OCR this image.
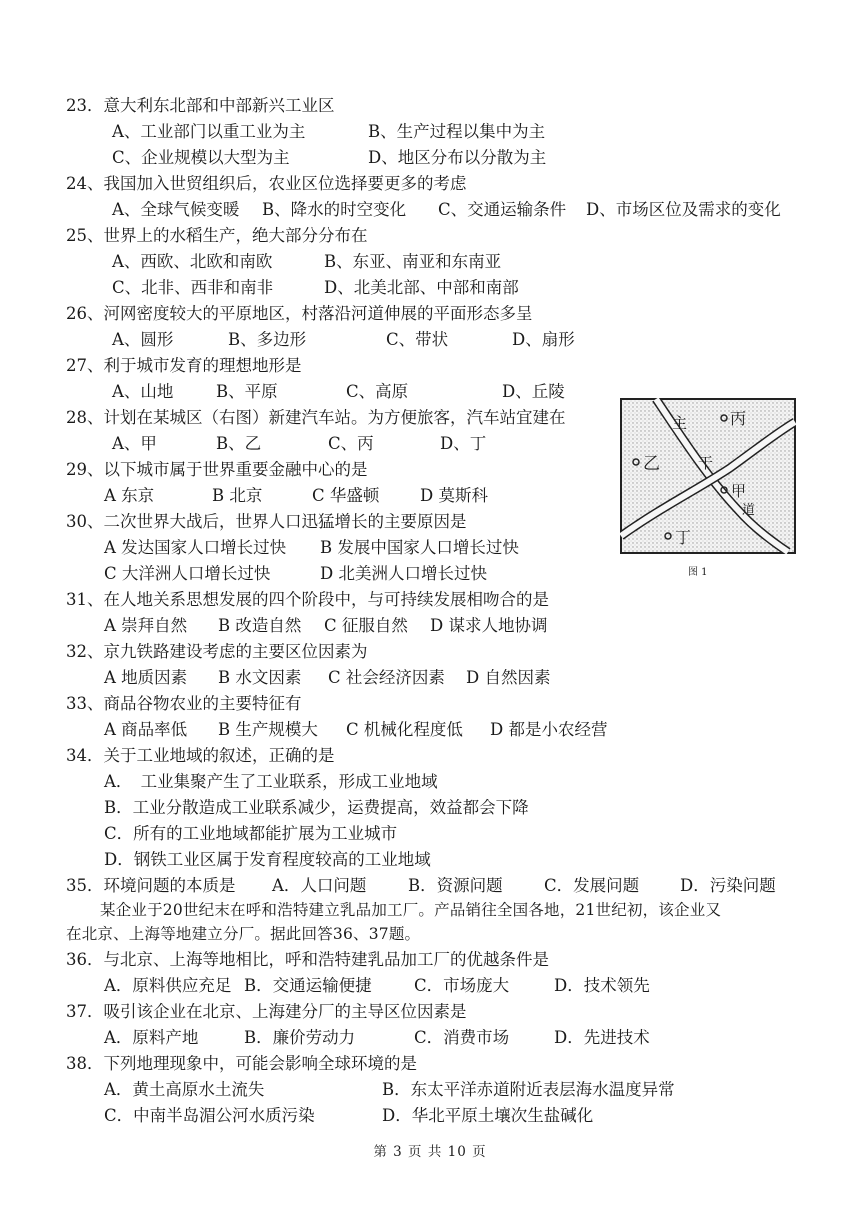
23．意大利东北部和中部新兴工业区
A、工业部门以重工业为主	B、生产过程以集中为主
C、企业规模以大型为主	D、地区分布以分散为主
24、我国加入世贸组织后，农业区位选择要更多的考虑
A、全球气候变暖 B、降水的时空变化 C、交通运输条件 D、市场区位及需求的变化
25、世界上的水稻生产，绝大部分分布在
A、西欧、北欧和南欧	B、东亚、南亚和东南亚
C、北非、西非和南非	D、北美北部、中部和南部
26、河网密度较大的平原地区，村落沿河道伸展的平面形态多呈
A、圆形	B、多边形	C、带状	D、扇形
27、利于城市发育的理想地形是
A、山地	B、平原	C、高原	D、丘陵
28、计划在某城区（右图）新建汽车站。为方便旅客，汽车站宜建在
A、甲	B、乙	C、丙	D、丁
29、以下城市属于世界重要金融中心的是
A 东京	B 北京	C 华盛顿 D 莫斯科
30、二次世界大战后，世界人口迅猛增长的主要原因是
A 发达国家人口增长过快 B 发展中国家人口增长过快
C 大洋洲人口增长过快	D 北美洲人口增长过快
31、在人地关系思想发展的四个阶段中，与可持续发展相吻合的是
A 崇拜自然 B 改造自然 C 征服自然 D 谋求人地协调
32、京九铁路建设考虑的主要区位因素为
A 地质因素 B 水文因素 C 社会经济因素 D 自然因素
33、商品谷物农业的主要特征有
A 商品率低 B 生产规模大 C 机械化程度低 D 都是小农经营
34．关于工业地域的叙述，正确的是
A．　工业集聚产生了工业联系，形成工业地域
B．工业分散造成工业联系减少，运费提高，效益都会下降
C．所有的工业地域都能扩展为工业城市
D．钢铁工业区属于发育程度较高的工业地域
35．环境问题的本质是 A．人口问题	B．资源问题	C．发展问题 D．污染问题
某企业于20世纪末在呼和浩特建立乳品加工厂。产品销往全国各地，21世纪初，该企业又
在北京、上海等地建立分厂。据此回答36、37题。
36．与北京、上海等地相比，呼和浩特建乳品加工厂的优越条件是
A．原料供应充足 B．交通运输便捷	C．市场庞大	D．技术领先
37．吸引该企业在北京、上海建分厂的主导区位因素是
A．原料产地	B．廉价劳动力	C．消费市场	D．先进技术
38．下列地理现象中，可能会影响全球环境的是
A．黄土高原水土流失	B．东太平洋赤道附近表层海水温度异常
C．中南半岛湄公河水质污染	D．华北平原土壤次生盐碱化
主
干
道
丙
乙
甲
丁
图 1
第 3 页 共 10 页
